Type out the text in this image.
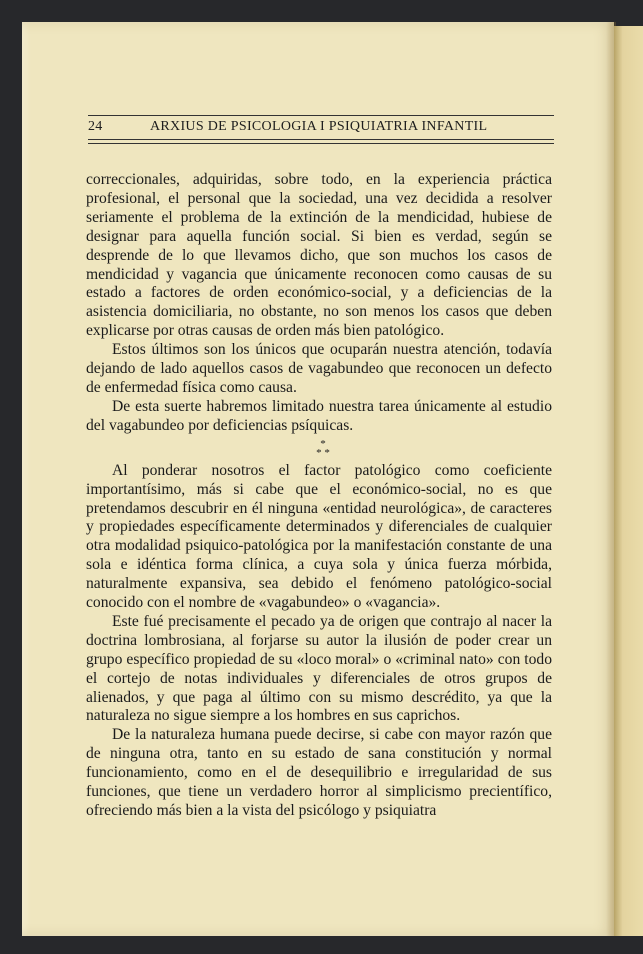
24	ARXIUS DE PSICOLOGIA I PSIQUIATRIA INFANTIL

correccionales, adquiridas, sobre todo, en la experiencia práctica profesional, el personal que la sociedad, una vez decidida a resolver seriamente el problema de la extinción de la mendicidad, hubiese de designar para aquella función social. Si bien es verdad, según se desprende de lo que llevamos dicho, que son muchos los casos de mendicidad y vagancia que únicamente reconocen como causas de su estado a factores de orden económico-social, y a deficiencias de la asistencia domiciliaria, no obstante, no son menos los casos que deben explicarse por otras causas de orden más bien patológico.

Estos últimos son los únicos que ocuparán nuestra atención, todavía dejando de lado aquellos casos de vagabundeo que reconocen un defecto de enfermedad física como causa.

De esta suerte habremos limitado nuestra tarea únicamente al estudio del vagabundeo por deficiencias psíquicas.

*
* *

Al ponderar nosotros el factor patológico como coeficiente importantísimo, más si cabe que el económico-social, no es que pretendamos descubrir en él ninguna «entidad neurológica», de caracteres y propiedades específicamente determinados y diferenciales de cualquier otra modalidad psiquico-patológica por la manifestación constante de una sola e idéntica forma clínica, a cuya sola y única fuerza mórbida, naturalmente expansiva, sea debido el fenómeno patológico-social conocido con el nombre de «vagabundeo» o «vagancia».

Este fué precisamente el pecado ya de origen que contrajo al nacer la doctrina lombrosiana, al forjarse su autor la ilusión de poder crear un grupo específico propiedad de su «loco moral» o «criminal nato» con todo el cortejo de notas individuales y diferenciales de otros grupos de alienados, y que paga al último con su mismo descrédito, ya que la naturaleza no sigue siempre a los hombres en sus caprichos.

De la naturaleza humana puede decirse, si cabe con mayor razón que de ninguna otra, tanto en su estado de sana constitución y normal funcionamiento, como en el de desequilibrio e irregularidad de sus funciones, que tiene un verdadero horror al simplicismo precientífico, ofreciendo más bien a la vista del psicólogo y psiquiatra
